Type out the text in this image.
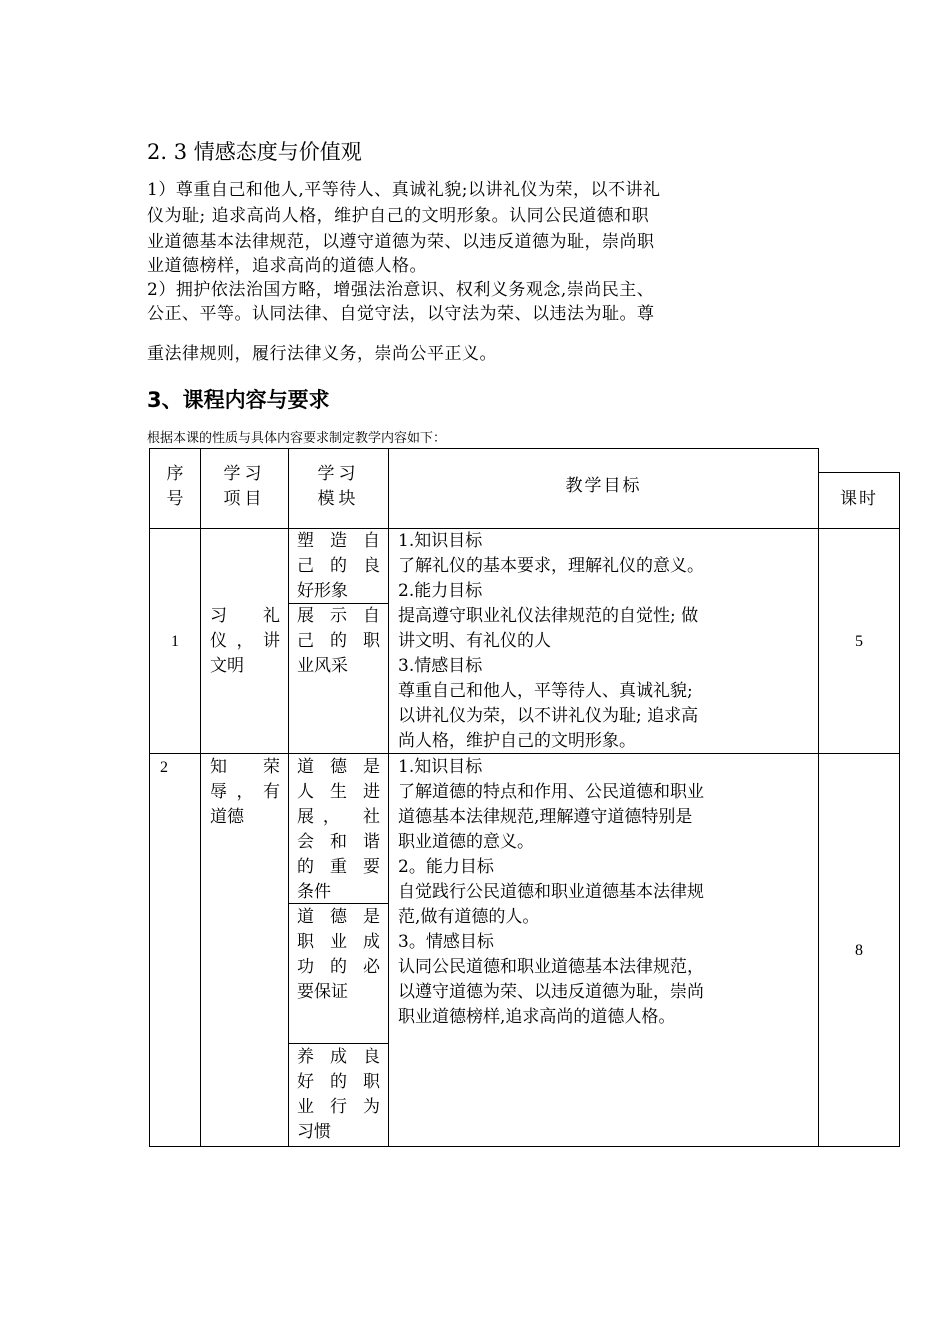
2. 3 情感态度与价值观
1）尊重自己和他人,平等待人、真诚礼貌;以讲礼仪为荣，以不讲礼
仪为耻; 追求高尚人格，维护自己的文明形象。认同公民道德和职
业道德基本法律规范，以遵守道德为荣、以违反道德为耻，崇尚职
业道德榜样，追求高尚的道德人格。
2）拥护依法治国方略，增强法治意识、权利义务观念,崇尚民主、
公正、平等。认同法律、自觉守法，以守法为荣、以违法为耻。尊
重法律规则，履行法律义务，崇尚公平正义。
3、课程内容与要求
根据本课的性质与具体内容要求制定教学内容如下：
序
号
学习
项目
学习
模块
教学目标
课时
1
习 礼
仪，讲
文明
塑造自
己的良
好形象
展示自
己的职
业风采
1.知识目标
了解礼仪的基本要求，理解礼仪的意义。
2.能力目标
提高遵守职业礼仪法律规范的自觉性; 做
讲文明、有礼仪的人
3.情感目标
尊重自己和他人，平等待人、真诚礼貌;
以讲礼仪为荣，以不讲礼仪为耻; 追求高
尚人格，维护自己的文明形象。
5
2	知 荣
辱，有
道德
道德是
人生进
展， 社
会和谐
的重要
条件
道德是
职业成
功的必
要保证
养成良
好的职
业行为
习惯
1.知识目标
了解道德的特点和作用、公民道德和职业
道德基本法律规范,理解遵守道德特别是
职业道德的意义。
2。能力目标
自觉践行公民道德和职业道德基本法律规
范,做有道德的人。
3。情感目标
认同公民道德和职业道德基本法律规范，
以遵守道德为荣、以违反道德为耻，崇尚
职业道德榜样,追求高尚的道德人格。
8
